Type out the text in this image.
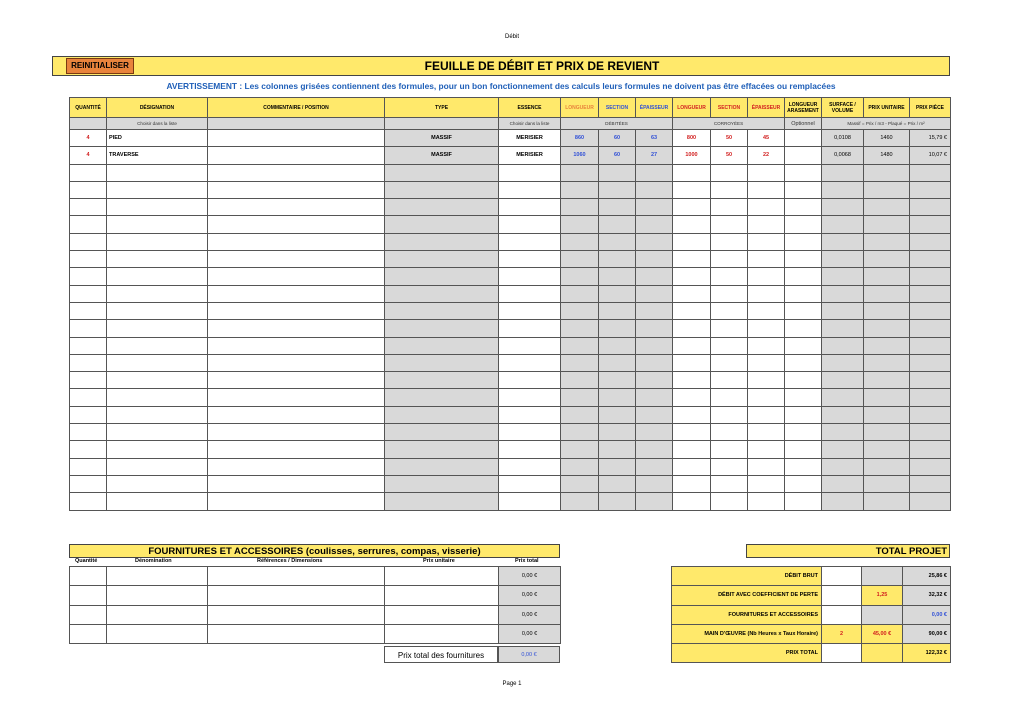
Débit
REINITIALISER	FEUILLE DE DÉBIT ET PRIX DE REVIENT
AVERTISSEMENT : Les colonnes grisées contiennent des formules, pour un bon fonctionnement des calculs leurs formules ne doivent pas être effacées ou remplacées
QUANTITÉ	DÉSIGNATION	COMMENTAIRE / POSITION	TYPE	ESSENCE	LONGUEUR	SECTION	ÉPAISSEUR	LONGUEUR	SECTION	ÉPAISSEUR	LONGUEUR ARASEMENT	SURFACE / VOLUME	PRIX UNITAIRE	PRIX PIÈCE
	Choisir dans la liste			Choisir dans la liste	DÉBITÉES			CORROYÉES			Optionnel	Massif = Prix / m3 - Plaqué = Prix / m²		
4	PIED		MASSIF	MERISIER	860	60	63	800	50	45		0,0108	1460	15,79 €
4	TRAVERSE		MASSIF	MERISIER	1060	60	27	1000	50	22		0,0068	1480	10,07 €

FOURNITURES ET ACCESSOIRES (coulisses, serrures, compas, visserie)	TOTAL PROJET
Quantité	Dénomination	Références / Dimensions	Prix unitaire	Prix total
				0,00 €
				0,00 €
				0,00 €
				0,00 €
Prix total des fournitures	0,00 €
DÉBIT BRUT			25,86 €
DÉBIT AVEC COEFFICIENT DE PERTE		1,25	32,32 €
FOURNITURES ET ACCESSOIRES			0,00 €
MAIN D'ŒUVRE (Nb Heures x Taux Horaire)	2	45,00 €	90,00 €
PRIX TOTAL			122,32 €
Page 1
